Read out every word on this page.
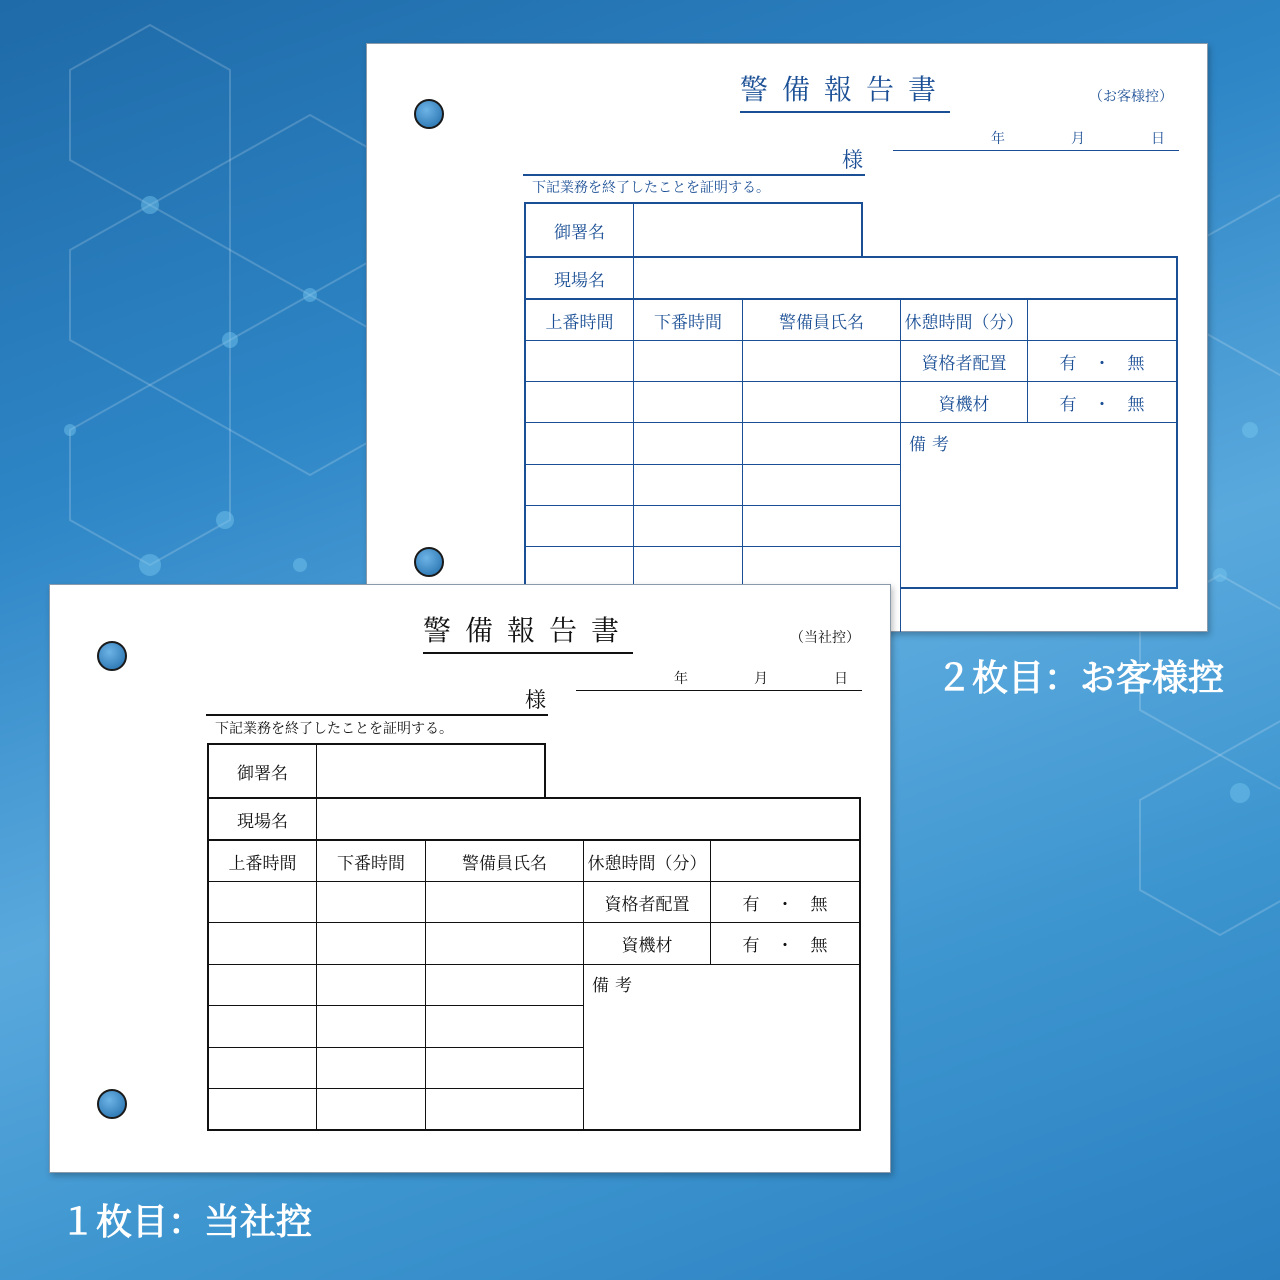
警備報告書	（お客様控）
年	月	日
様
下記業務を終了したことを証明する。
御署名
現場名
上番時間	下番時間	警備員氏名	休憩時間（分）
資格者配置	有　・　無
資機材	有　・　無
備考
２枚目：お客様控
警備報告書	（当社控）
年	月	日
様
下記業務を終了したことを証明する。
御署名
現場名
上番時間	下番時間	警備員氏名	休憩時間（分）
資格者配置	有　・　無
資機材	有　・　無
備考
１枚目：当社控
